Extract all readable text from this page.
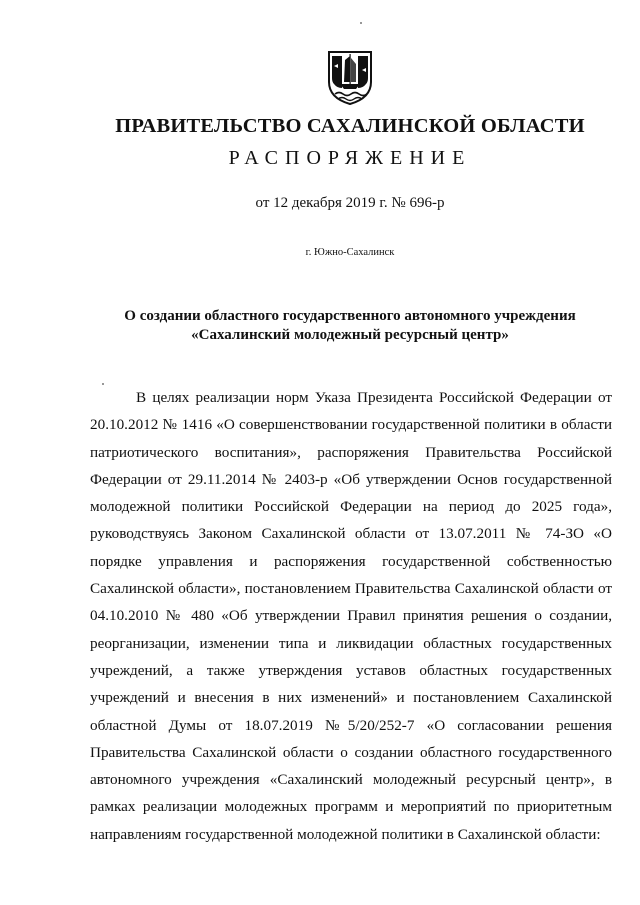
ПРАВИТЕЛЬСТВО САХАЛИНСКОЙ ОБЛАСТИ
РАСПОРЯЖЕНИЕ
от 12 декабря 2019 г. № 696-р
г. Южно-Сахалинск
О создании областного государственного автономного учреждения
«Сахалинский молодежный ресурсный центр»
В целях реализации норм Указа Президента Российской Федерации от 20.10.2012 № 1416 «О совершенствовании государственной политики в области патриотического воспитания», распоряжения Правительства Российской Федерации от 29.11.2014 № 2403-р «Об утверждении Основ государственной молодежной политики Российской Федерации на период до 2025 года», руководствуясь Законом Сахалинской области от 13.07.2011 № 74-ЗО «О порядке управления и распоряжения государственной собственностью Сахалинской области», постановлением Правительства Сахалинской области от 04.10.2010 № 480 «Об утверждении Правил принятия решения о создании, реорганизации, изменении типа и ликвидации областных государственных учреждений, а также утверждения уставов областных государственных учреждений и внесения в них изменений» и постановлением Сахалинской областной Думы от 18.07.2019 №5/20/252-7 «О согласовании решения Правительства Сахалинской области о создании областного государственного автономного учреждения «Сахалинский молодежный ресурсный центр», в рамках реализации молодежных программ и мероприятий по приоритетным направлениям государственной молодежной политики в Сахалинской области:
